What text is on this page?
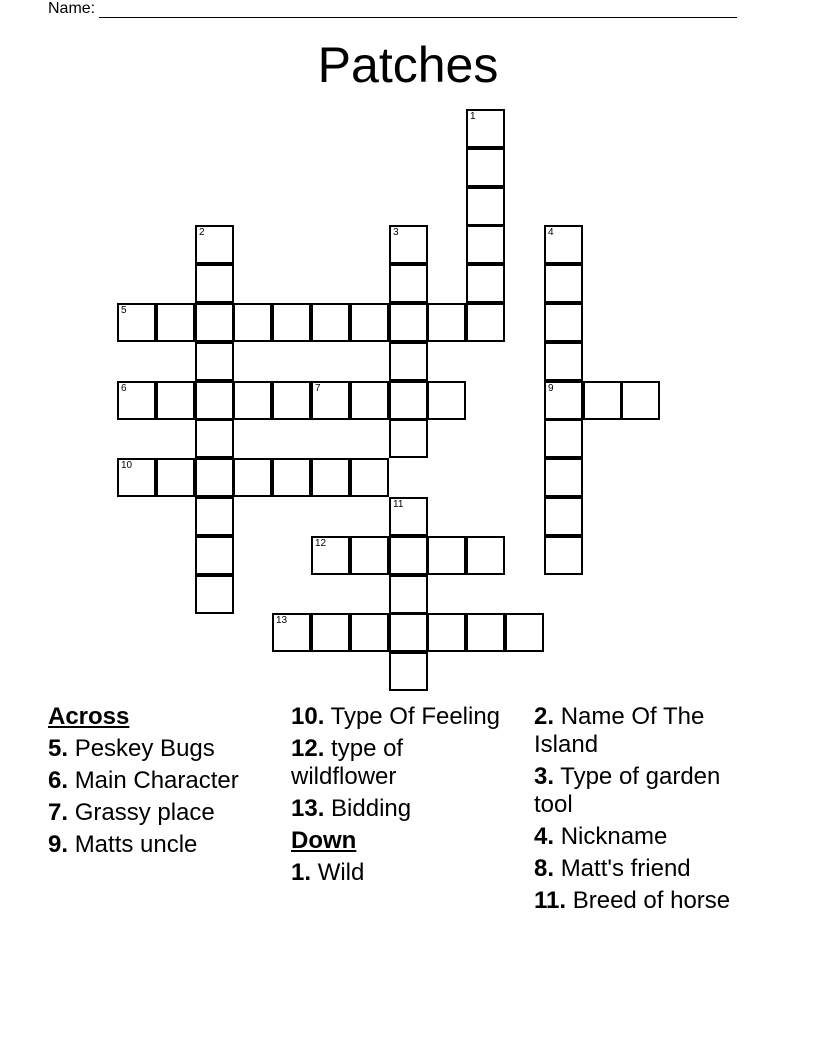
Name:
Patches
1
2	3	4
9
5
6	7
10
11
12
13
Across
5. Peskey Bugs
6. Main Character
7. Grassy place
9. Matts uncle
10. Type Of Feeling
12. type of wildflower
13. Bidding
Down
1. Wild
2. Name Of The Island
3. Type of garden tool
4. Nickname
8. Matt's friend
11. Breed of horse
